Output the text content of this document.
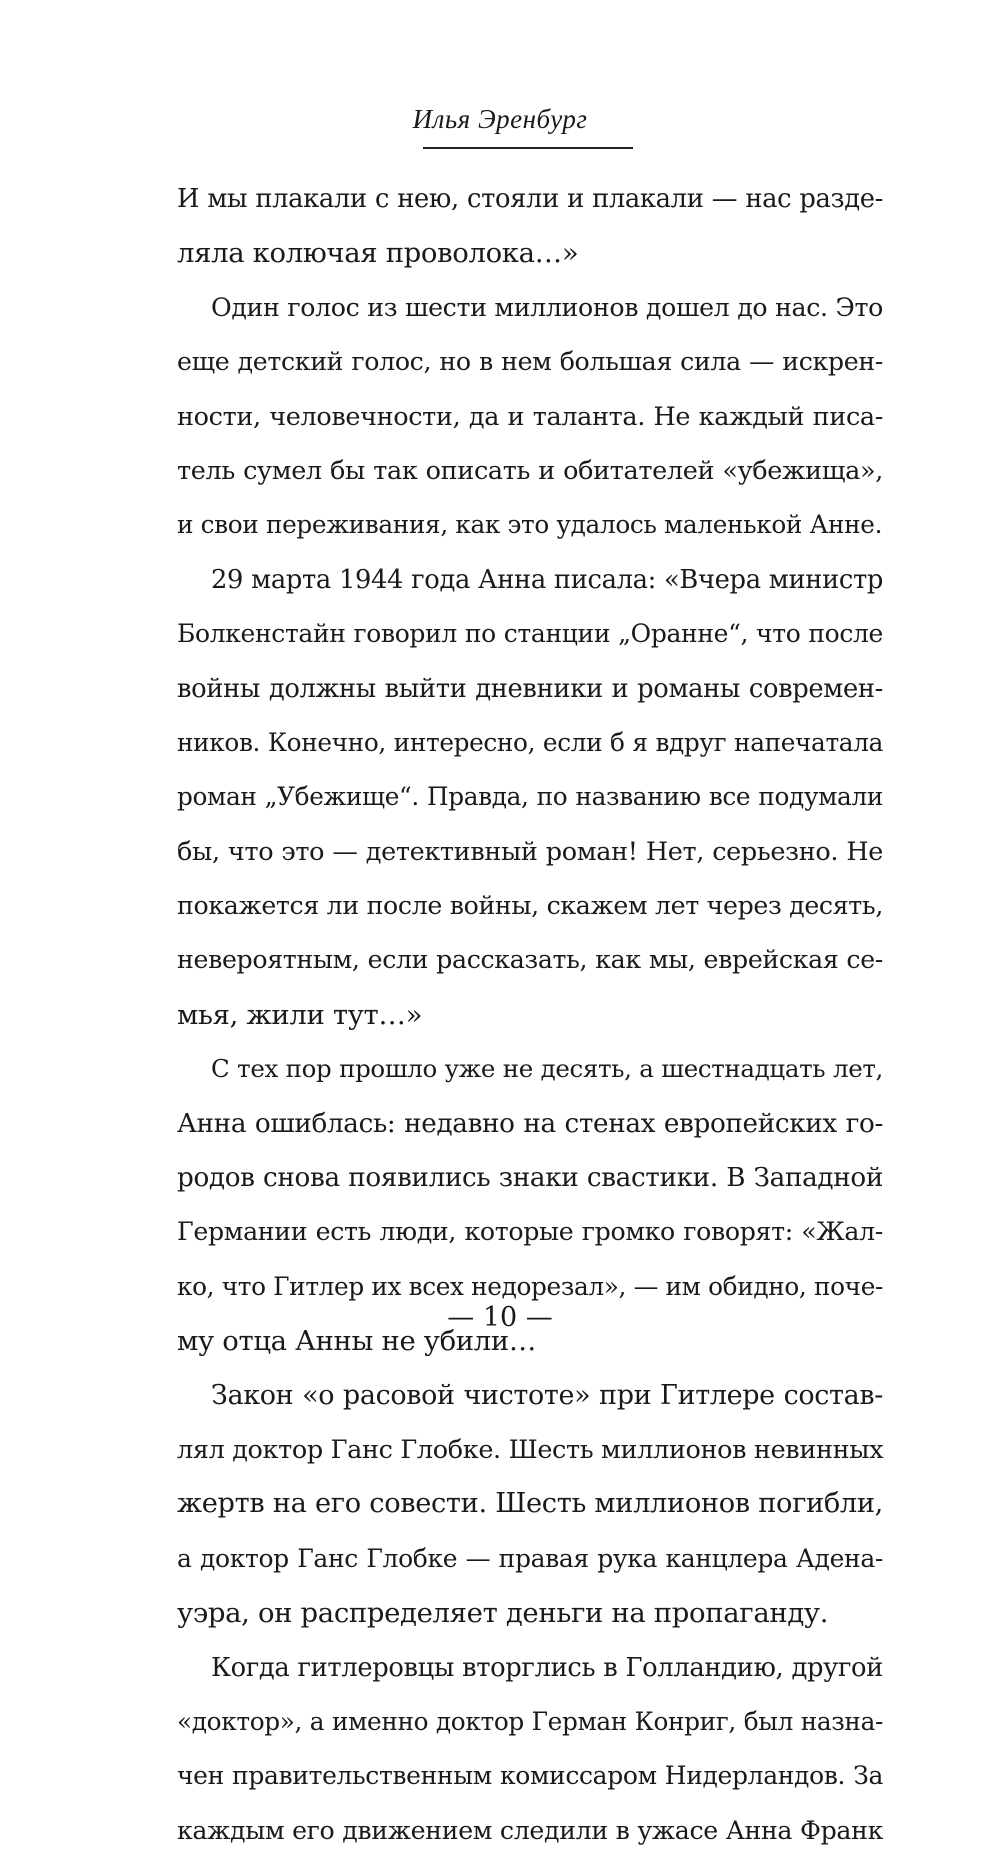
Илья Эренбург
И мы плакали с нею, стояли и плакали — нас разде-
ляла колючая проволока…»
Один голос из шести миллионов дошел до нас. Это
еще детский голос, но в нем большая сила — искрен-
ности, человечности, да и таланта. Не каждый писа-
тель сумел бы так описать и обитателей «убежища»,
и свои переживания, как это удалось маленькой Анне.
29 марта 1944 года Анна писала: «Вчера министр
Болкенстайн говорил по станции „Оранне“, что после
войны должны выйти дневники и романы современ-
ников. Конечно, интересно, если б я вдруг напечатала
роман „Убежище“. Правда, по названию все подумали
бы, что это — детективный роман! Нет, серьезно. Не
покажется ли после войны, скажем лет через десять,
невероятным, если рассказать, как мы, еврейская се-
мья, жили тут…»
С тех пор прошло уже не десять, а шестнадцать лет,
Анна ошиблась: недавно на стенах европейских го-
родов снова появились знаки свастики. В Западной
Германии есть люди, которые громко говорят: «Жал-
ко, что Гитлер их всех недорезал», — им обидно, поче-
му отца Анны не убили…
Закон «о расовой чистоте» при Гитлере состав-
лял доктор Ганс Глобке. Шесть миллионов невинных
жертв на его совести. Шесть миллионов погибли,
а доктор Ганс Глобке — правая рука канцлера Адена-
уэра, он распределяет деньги на пропаганду.
Когда гитлеровцы вторглись в Голландию, другой
«доктор», а именно доктор Герман Конриг, был назна-
чен правительственным комиссаром Нидерландов. За
каждым его движением следили в ужасе Анна Франк
— 10 —
